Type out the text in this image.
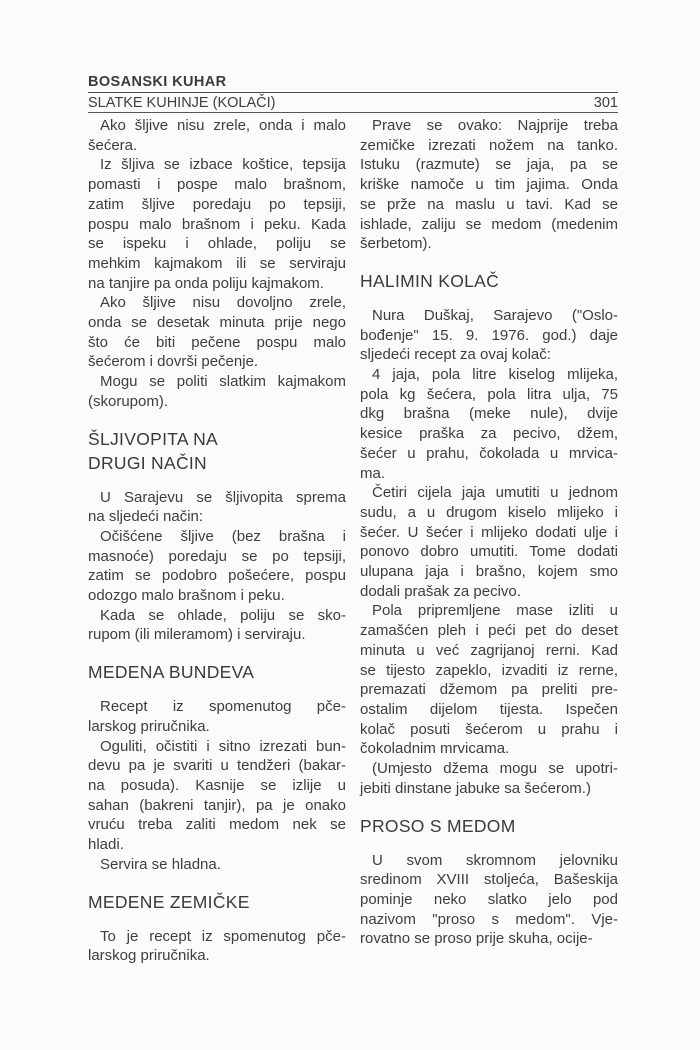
BOSANSKI KUHAR
SLATKE KUHINJE (KOLAČI)	301
Ako šljive nisu zrele, onda i malo
šećera.
Iz šljiva se izbace koštice, tepsija
pomasti i pospe malo brašnom,
zatim šljive poredaju po tepsiji,
pospu malo brašnom i peku. Kada
se ispeku i ohlade, poliju se
mehkim kajmakom ili se serviraju
na tanjire pa onda poliju kajmakom.
Ako šljive nisu dovoljno zrele,
onda se desetak minuta prije nego
što će biti pečene pospu malo
šećerom i dovrši pečenje.
Mogu se politi slatkim kajmakom
(skorupom).
ŠLJIVOPITA NA
DRUGI NAČIN
U Sarajevu se šljivopita sprema
na sljedeći način:
Očišćene šljive (bez brašna i
masnoće) poredaju se po tepsiji,
zatim se podobro pošećere, pospu
odozgo malo brašnom i peku.
Kada se ohlade, poliju se sko-
rupom (ili mileramom) i serviraju.
MEDENA BUNDEVA
Recept iz spomenutog pče-
larskog priručnika.
Oguliti, očistiti i sitno izrezati bun-
devu pa je svariti u tendžeri (bakar-
na posuda). Kasnije se izlije u
sahan (bakreni tanjir), pa je onako
vruću treba zaliti medom nek se
hladi.
Servira se hladna.
MEDENE ZEMIČKE
To je recept iz spomenutog pče-
larskog priručnika.
Prave se ovako: Najprije treba
zemičke izrezati nožem na tanko.
Istuku (razmute) se jaja, pa se
kriške namoče u tim jajima. Onda
se prže na maslu u tavi. Kad se
ishlade, zaliju se medom (medenim
šerbetom).
HALIMIN KOLAČ
Nura Duškaj, Sarajevo ("Oslo-
bođenje" 15. 9. 1976. god.) daje
sljedeći recept za ovaj kolač:
4 jaja, pola litre kiselog mlijeka,
pola kg šećera, pola litra ulja, 75
dkg brašna (meke nule), dvije
kesice praška za pecivo, džem,
šećer u prahu, čokolada u mrvica-
ma.
Četiri cijela jaja umutiti u jednom
sudu, a u drugom kiselo mlijeko i
šećer. U šećer i mlijeko dodati ulje i
ponovo dobro umutiti. Tome dodati
ulupana jaja i brašno, kojem smo
dodali prašak za pecivo.
Pola pripremljene mase izliti u
zamašćen pleh i peći pet do deset
minuta u već zagrijanoj rerni. Kad
se tijesto zapeklo, izvaditi iz rerne,
premazati džemom pa preliti pre-
ostalim dijelom tijesta. Ispečen
kolač posuti šećerom u prahu i
čokoladnim mrvicama.
(Umjesto džema mogu se upotri-
jebiti dinstane jabuke sa šećerom.)
PROSO S MEDOM
U svom skromnom jelovniku
sredinom XVIII stoljeća, Bašeskija
pominje neko slatko jelo pod
nazivom "proso s medom". Vje-
rovatno se proso prije skuha, ocije-
